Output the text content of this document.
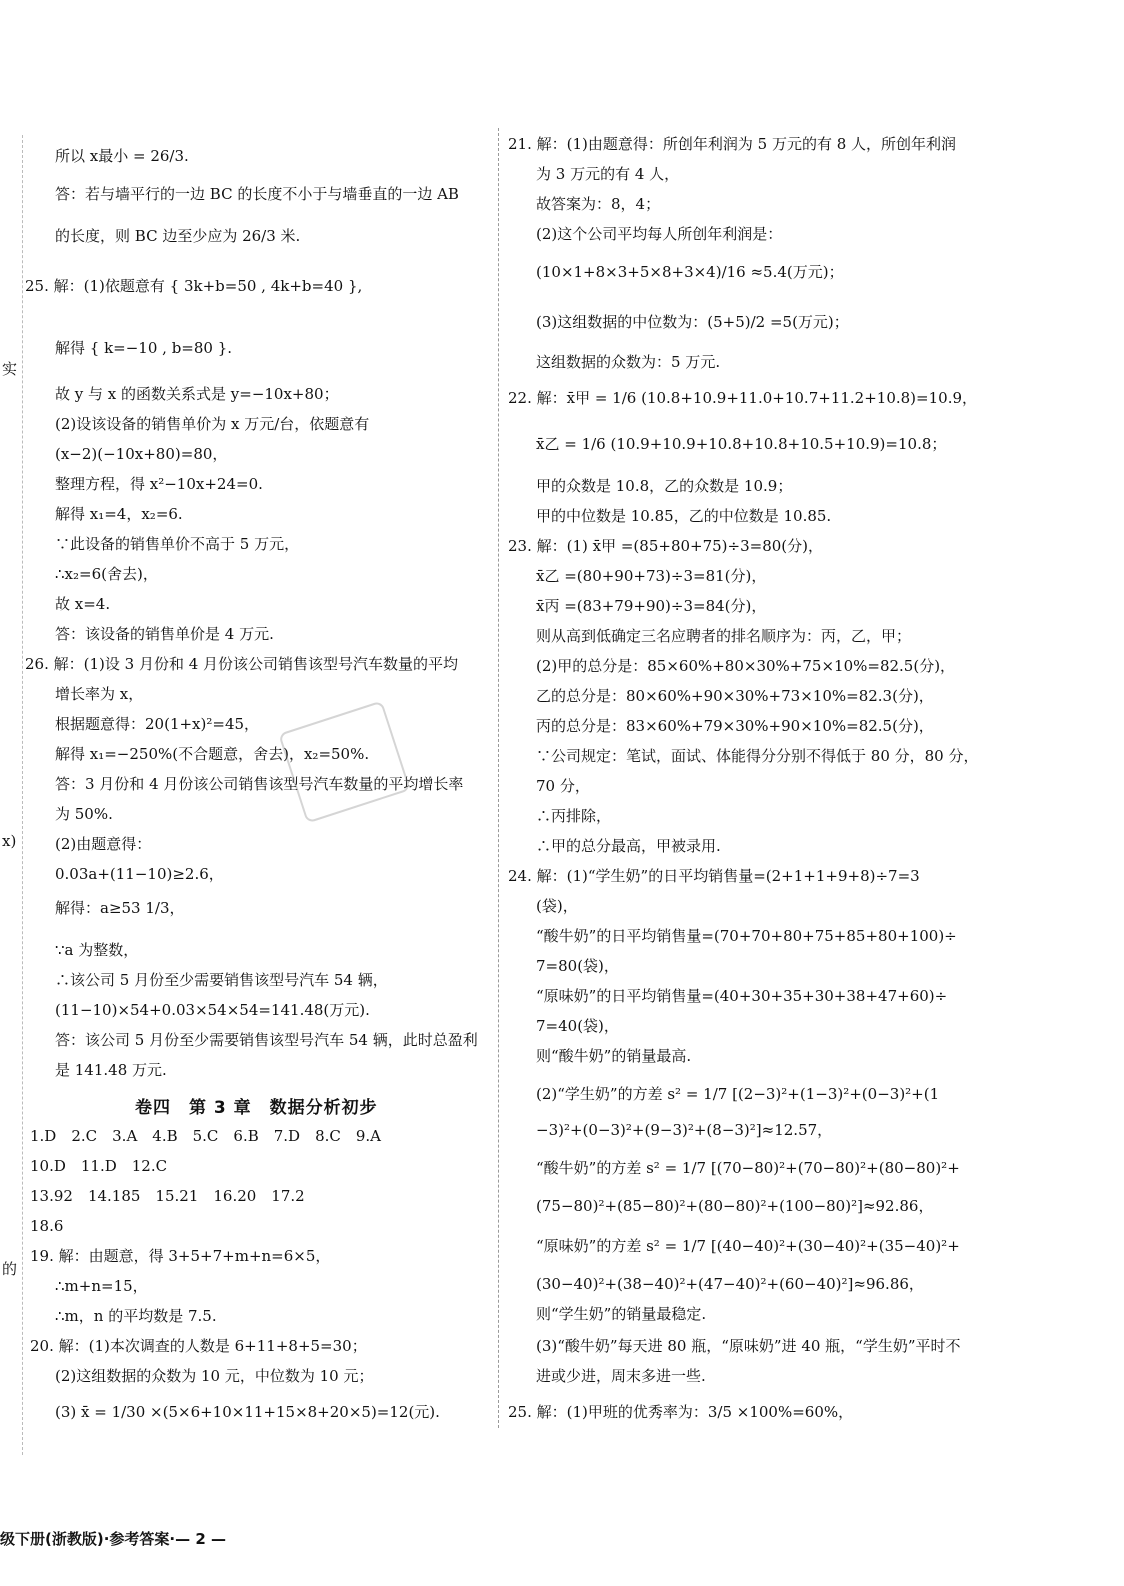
实
x)
的
所以 x最小 = 26/3.
答：若与墙平行的一边 BC 的长度不小于与墙垂直的一边 AB
的长度，则 BC 边至少应为 26/3 米.
25. 解：(1)依题意有 { 3k+b=50 , 4k+b=40 },
解得 { k=−10 , b=80 }.
故 y 与 x 的函数关系式是 y=−10x+80；
(2)设该设备的销售单价为 x 万元/台，依题意有
(x−2)(−10x+80)=80，
整理方程，得 x²−10x+24=0.
解得 x₁=4，x₂=6.
∵此设备的销售单价不高于 5 万元，
∴x₂=6(舍去)，
故 x=4.
答：该设备的销售单价是 4 万元.
26. 解：(1)设 3 月份和 4 月份该公司销售该型号汽车数量的平均
增长率为 x，
根据题意得：20(1+x)²=45，
解得 x₁=−250%(不合题意，舍去)，x₂=50%.
答：3 月份和 4 月份该公司销售该型号汽车数量的平均增长率
为 50%.
(2)由题意得：
0.03a+(11−10)≥2.6，
解得：a≥53 1/3，
∵a 为整数，
∴该公司 5 月份至少需要销售该型号汽车 54 辆，
(11−10)×54+0.03×54×54=141.48(万元).
答：该公司 5 月份至少需要销售该型号汽车 54 辆，此时总盈利
是 141.48 万元.
卷四　第 3 章　数据分析初步
1.D　2.C　3.A　4.B　5.C　6.B　7.D　8.C　9.A
10.D　11.D　12.C
13.92　14.185　15.21　16.20　17.2
18.6
19. 解：由题意，得 3+5+7+m+n=6×5，
∴m+n=15，
∴m，n 的平均数是 7.5.
20. 解：(1)本次调查的人数是 6+11+8+5=30；
(2)这组数据的众数为 10 元，中位数为 10 元；
(3) x̄ = 1/30 ×(5×6+10×11+15×8+20×5)=12(元).
21. 解：(1)由题意得：所创年利润为 5 万元的有 8 人，所创年利润
为 3 万元的有 4 人，
故答案为：8，4；
(2)这个公司平均每人所创年利润是：
(10×1+8×3+5×8+3×4)/16 ≈5.4(万元)；
(3)这组数据的中位数为：(5+5)/2 =5(万元)；
这组数据的众数为：5 万元.
22. 解：x̄甲 = 1/6 (10.8+10.9+11.0+10.7+11.2+10.8)=10.9，
x̄乙 = 1/6 (10.9+10.9+10.8+10.8+10.5+10.9)=10.8；
甲的众数是 10.8，乙的众数是 10.9；
甲的中位数是 10.85，乙的中位数是 10.85.
23. 解：(1) x̄甲 =(85+80+75)÷3=80(分)，
x̄乙 =(80+90+73)÷3=81(分)，
x̄丙 =(83+79+90)÷3=84(分)，
则从高到低确定三名应聘者的排名顺序为：丙，乙，甲；
(2)甲的总分是：85×60%+80×30%+75×10%=82.5(分)，
乙的总分是：80×60%+90×30%+73×10%=82.3(分)，
丙的总分是：83×60%+79×30%+90×10%=82.5(分)，
∵公司规定：笔试，面试、体能得分分别不得低于 80 分，80 分，
70 分，
∴丙排除，
∴甲的总分最高，甲被录用.
24. 解：(1)“学生奶”的日平均销售量=(2+1+1+9+8)÷7=3
(袋)，
“酸牛奶”的日平均销售量=(70+70+80+75+85+80+100)÷
7=80(袋)，
“原味奶”的日平均销售量=(40+30+35+30+38+47+60)÷
7=40(袋)，
则“酸牛奶”的销量最高.
(2)“学生奶”的方差 s² = 1/7 [(2−3)²+(1−3)²+(0−3)²+(1
−3)²+(0−3)²+(9−3)²+(8−3)²]≈12.57，
“酸牛奶”的方差 s² = 1/7 [(70−80)²+(70−80)²+(80−80)²+
(75−80)²+(85−80)²+(80−80)²+(100−80)²]≈92.86，
“原味奶”的方差 s² = 1/7 [(40−40)²+(30−40)²+(35−40)²+
(30−40)²+(38−40)²+(47−40)²+(60−40)²]≈96.86，
则“学生奶”的销量最稳定.
(3)“酸牛奶”每天进 80 瓶，“原味奶”进 40 瓶，“学生奶”平时不
进或少进，周末多进一些.
25. 解：(1)甲班的优秀率为：3/5 ×100%=60%，
级下册(浙教版)·参考答案·— 2 —
